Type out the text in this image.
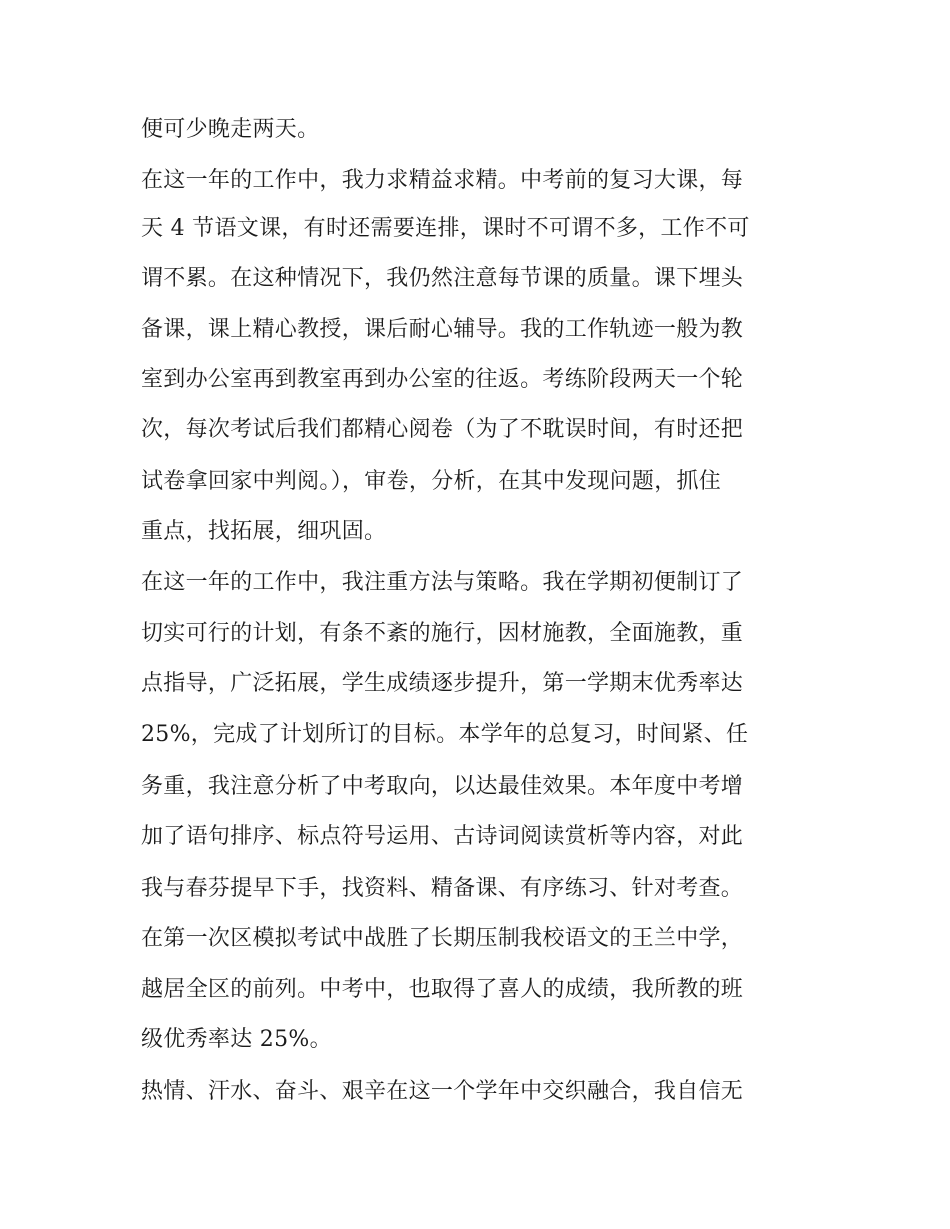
便可少晚走两天。
在这一年的工作中，我力求精益求精。中考前的复习大课，每
天 4 节语文课，有时还需要连排，课时不可谓不多，工作不可
谓不累。在这种情况下，我仍然注意每节课的质量。课下埋头
备课，课上精心教授，课后耐心辅导。我的工作轨迹一般为教
室到办公室再到教室再到办公室的往返。考练阶段两天一个轮
次，每次考试后我们都精心阅卷（为了不耽误时间，有时还把
试卷拿回家中判阅。），审卷，分析，在其中发现问题，抓住
重点，找拓展，细巩固。
在这一年的工作中，我注重方法与策略。我在学期初便制订了
切实可行的计划，有条不紊的施行，因材施教，全面施教，重
点指导，广泛拓展，学生成绩逐步提升，第一学期末优秀率达
25%，完成了计划所订的目标。本学年的总复习，时间紧、任
务重，我注意分析了中考取向，以达最佳效果。本年度中考增
加了语句排序、标点符号运用、古诗词阅读赏析等内容，对此
我与春芬提早下手，找资料、精备课、有序练习、针对考查。
在第一次区模拟考试中战胜了长期压制我校语文的王兰中学，
越居全区的前列。中考中，也取得了喜人的成绩，我所教的班
级优秀率达 25%。
热情、汗水、奋斗、艰辛在这一个学年中交织融合，我自信无
